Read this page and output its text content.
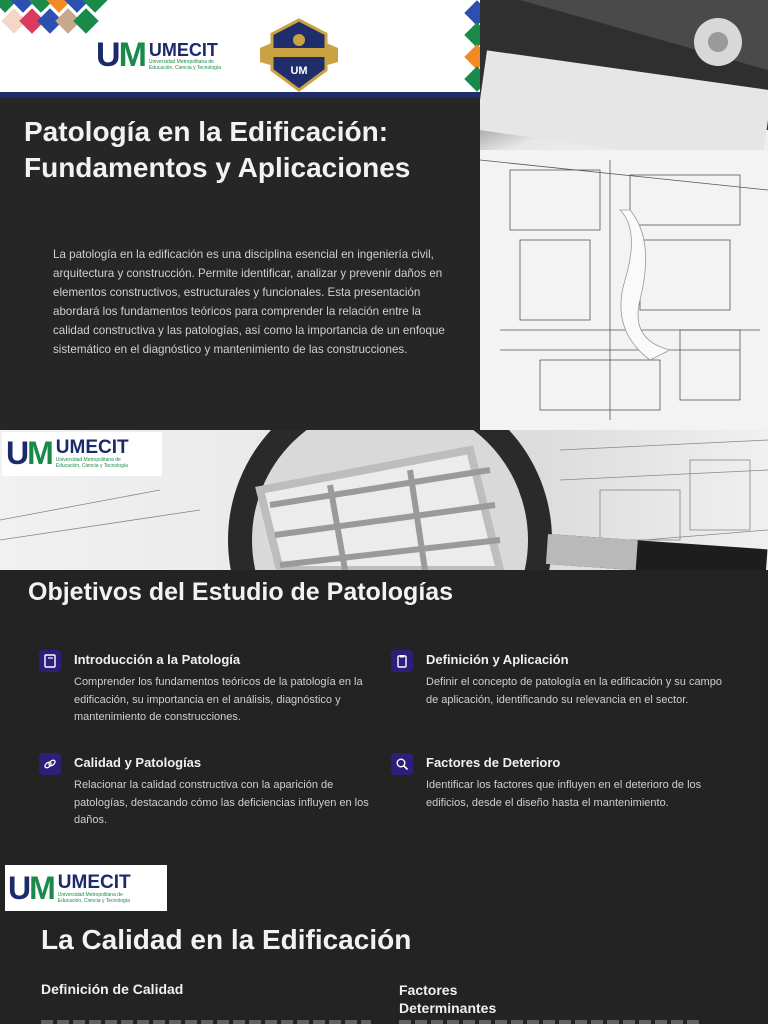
UM UMECIT
Universidad Metropolitana de
Educación, Ciencia y Tecnología	UM
Patología en la Edificación: Fundamentos y Aplicaciones

La patología en la edificación es una disciplina esencial en ingeniería civil, arquitectura y construcción. Permite identificar, analizar y prevenir daños en elementos constructivos, estructurales y funcionales. Esta presentación abordará los fundamentos teóricos para comprender la relación entre la calidad constructiva y las patologías, así como la importancia de un enfoque sistemático en el diagnóstico y mantenimiento de las construcciones.

UM UMECIT
Universidad Metropolitana de
Educación, Ciencia y Tecnología
Objetivos del Estudio de Patologías
Introducción a la Patología
Comprender los fundamentos teóricos de la patología en la edificación, su importancia en el análisis, diagnóstico y mantenimiento de construcciones.
Definición y Aplicación
Definir el concepto de patología en la edificación y su campo de aplicación, identificando su relevancia en el sector.
Calidad y Patologías
Relacionar la calidad constructiva con la aparición de patologías, destacando cómo las deficiencias influyen en los daños.
Factores de Deterioro
Identificar los factores que influyen en el deterioro de los edificios, desde el diseño hasta el mantenimiento.
UM UMECIT
Universidad Metropolitana de
Educación, Ciencia y Tecnología
La Calidad en la Edificación
Definición de Calidad	Factores Determinantes
